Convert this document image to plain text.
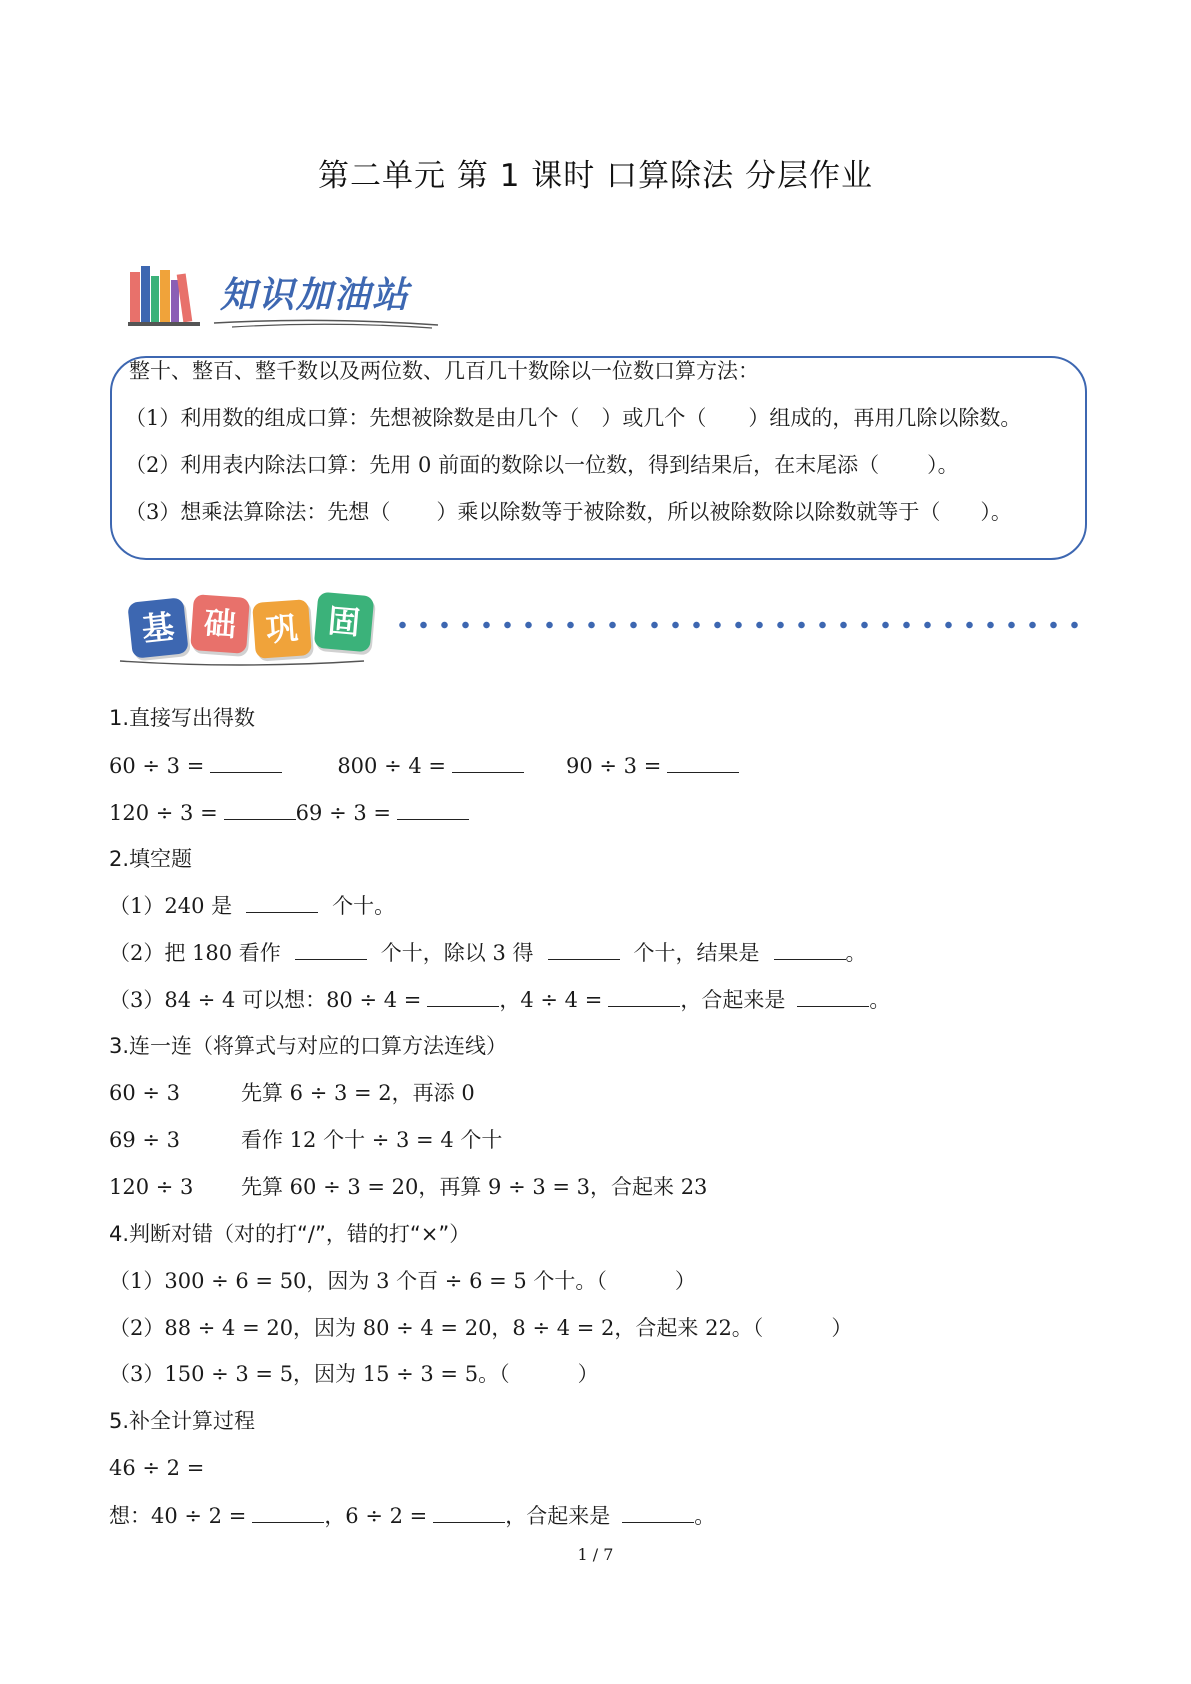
第二单元 第 1 课时 口算除法 分层作业
知识加油站
整十、整百、整千数以及两位数、几百几十数除以一位数口算方法：
（1）利用数的组成口算：先想被除数是由几个（ ）或几个（ ）组成的，再用几除以除数。
（2）利用表内除法口算：先用 0 前面的数除以一位数，得到结果后，在末尾添（ ）。
（3）想乘法算除法：先想（ ）乘以除数等于被除数，所以被除数除以除数就等于（ ）。
基 础 巩 固
1.直接写出得数
60 ÷ 3 =	800 ÷ 4 =	90 ÷ 3 =
120 ÷ 3 =	69 ÷ 3 =
2.填空题
（1）240 是	个十。
（2）把 180 看作	个十，除以 3 得	个十，结果是	。
（3）84 ÷ 4 可以想：80 ÷ 4 =	，4 ÷ 4 =	，合起来是	。
3.连一连（将算式与对应的口算方法连线）
60 ÷ 3	先算 6 ÷ 3 = 2，再添 0
69 ÷ 3	看作 12 个十 ÷ 3 = 4 个十
120 ÷ 3 先算 60 ÷ 3 = 20，再算 9 ÷ 3 = 3，合起来 23
4.判断对错（对的打“/”，错的打“×”）
（1）300 ÷ 6 = 50，因为 3 个百 ÷ 6 = 5 个十。（	）
（2）88 ÷ 4 = 20，因为 80 ÷ 4 = 20，8 ÷ 4 = 2，合起来 22。（	）
（3）150 ÷ 3 = 5，因为 15 ÷ 3 = 5。（	）
5.补全计算过程
46 ÷ 2 =
想：40 ÷ 2 =	，6 ÷ 2 =	，合起来是	。
1 / 7
